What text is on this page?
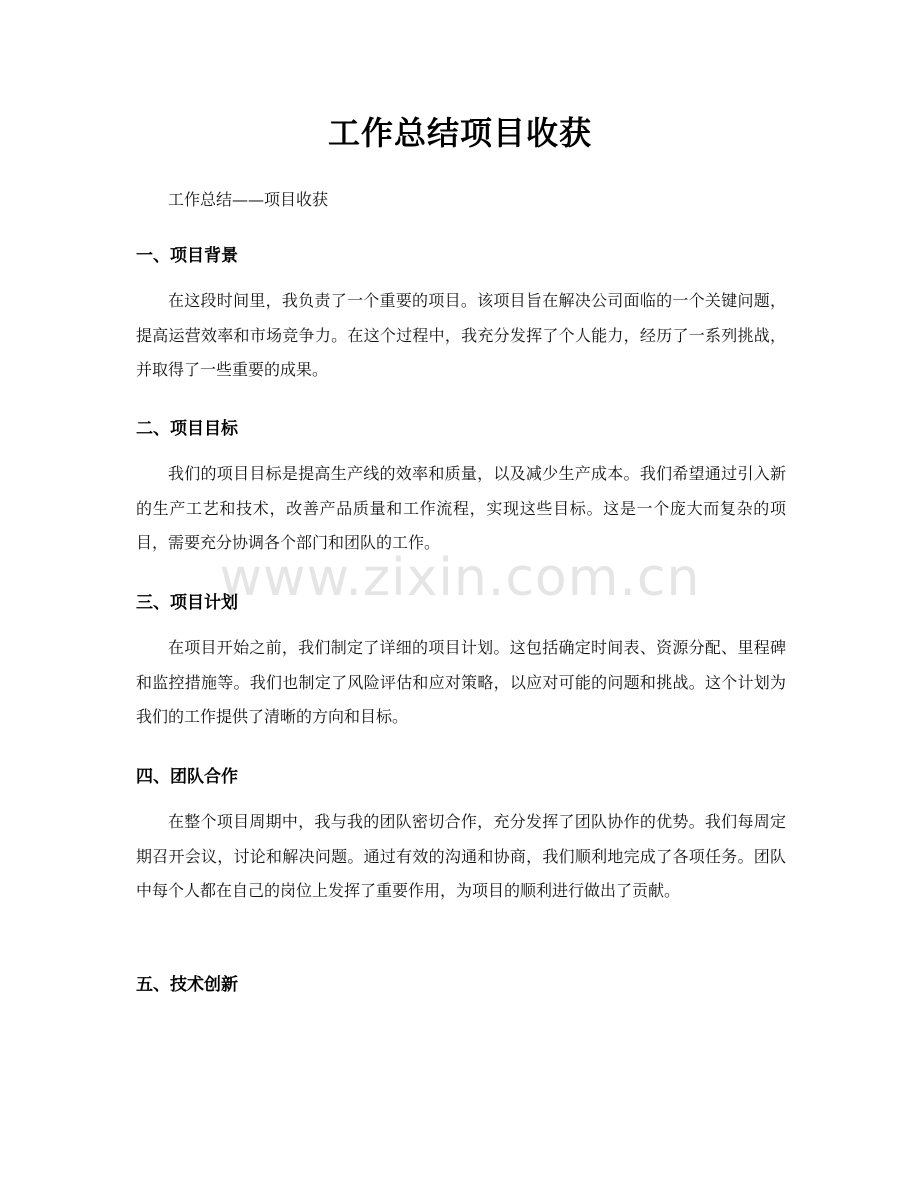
工作总结项目收获
工作总结——项目收获
一、项目背景

在这段时间里，我负责了一个重要的项目。该项目旨在解决公司面临的一个关键问题，提高运营效率和市场竞争力。在这个过程中，我充分发挥了个人能力，经历了一系列挑战，并取得了一些重要的成果。

二、项目目标

我们的项目目标是提高生产线的效率和质量，以及减少生产成本。我们希望通过引入新的生产工艺和技术，改善产品质量和工作流程，实现这些目标。这是一个庞大而复杂的项目，需要充分协调各个部门和团队的工作。

三、项目计划

在项目开始之前，我们制定了详细的项目计划。这包括确定时间表、资源分配、里程碑和监控措施等。我们也制定了风险评估和应对策略，以应对可能的问题和挑战。这个计划为我们的工作提供了清晰的方向和目标。

四、团队合作

在整个项目周期中，我与我的团队密切合作，充分发挥了团队协作的优势。我们每周定期召开会议，讨论和解决问题。通过有效的沟通和协商，我们顺利地完成了各项任务。团队中每个人都在自己的岗位上发挥了重要作用，为项目的顺利进行做出了贡献。

五、技术创新
www.zixin.com.cn
